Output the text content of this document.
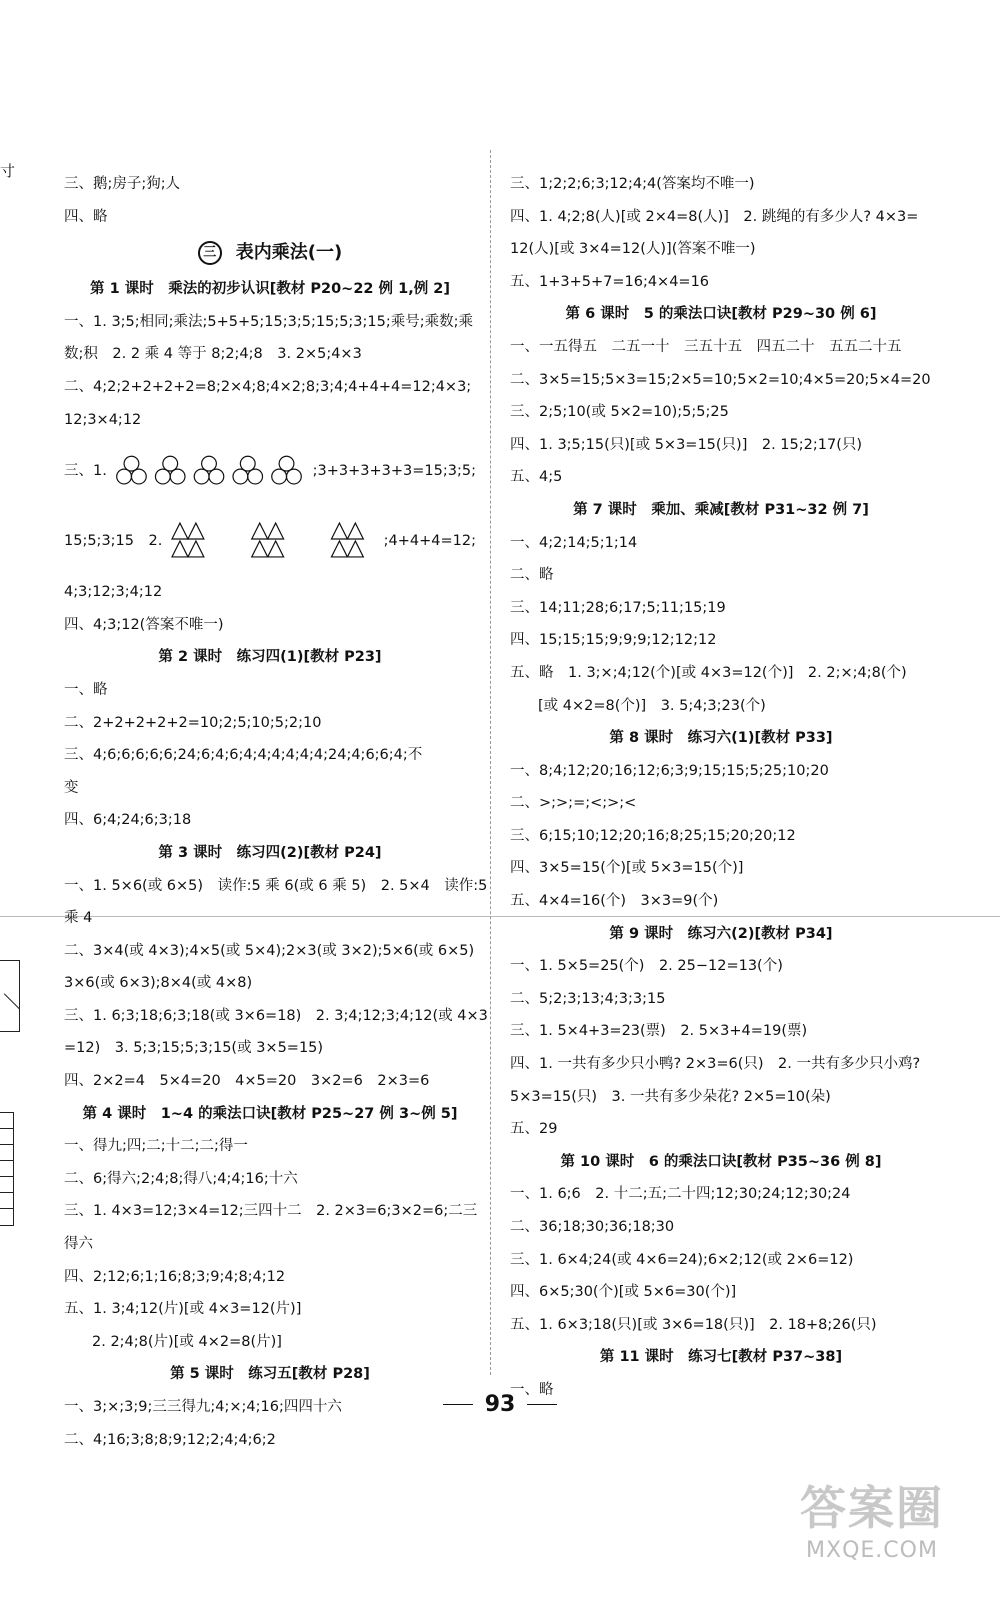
寸
三、鹅;房子;狗;人
四、略
三 表内乘法(一)
第 1 课时　乘法的初步认识[教材 P20~22 例 1,例 2]
一、1. 3;5;相同;乘法;5+5+5;15;3;5;15;5;3;15;乘号;乘数;乘
数;积　2. 2 乘 4 等于 8;2;4;8　3. 2×5;4×3
二、4;2;2+2+2+2=8;2×4;8;4×2;8;3;4;4+4+4=12;4×3;
12;3×4;12
三、1.	;3+3+3+3+3=15;3;5;
15;5;3;15　2.	;4+4+4=12;
4;3;12;3;4;12
四、4;3;12(答案不唯一)
第 2 课时　练习四(1)[教材 P23]
一、略
二、2+2+2+2+2=10;2;5;10;5;2;10
三、4;6;6;6;6;6;24;6;4;6;4;4;4;4;4;4;24;4;6;6;4;不
变
四、6;4;24;6;3;18
第 3 课时　练习四(2)[教材 P24]
一、1. 5×6(或 6×5)　读作:5 乘 6(或 6 乘 5)　2. 5×4　读作:5
乘 4
二、3×4(或 4×3);4×5(或 5×4);2×3(或 3×2);5×6(或 6×5)
3×6(或 6×3);8×4(或 4×8)
三、1. 6;3;18;6;3;18(或 3×6=18)　2. 3;4;12;3;4;12(或 4×3
=12)　3. 5;3;15;5;3;15(或 3×5=15)
四、2×2=4　5×4=20　4×5=20　3×2=6　2×3=6
第 4 课时　1~4 的乘法口诀[教材 P25~27 例 3~例 5]
一、得九;四;二;十二;二;得一
二、6;得六;2;4;8;得八;4;4;16;十六
三、1. 4×3=12;3×4=12;三四十二　2. 2×3=6;3×2=6;二三
得六
四、2;12;6;1;16;8;3;9;4;8;4;12
五、1. 3;4;12(片)[或 4×3=12(片)]
2. 2;4;8(片)[或 4×2=8(片)]
第 5 课时　练习五[教材 P28]
一、3;×;3;9;三三得九;4;×;4;16;四四十六
二、4;16;3;8;8;9;12;2;4;4;6;2
三、1;2;2;6;3;12;4;4(答案均不唯一)
四、1. 4;2;8(人)[或 2×4=8(人)]　2. 跳绳的有多少人? 4×3=
12(人)[或 3×4=12(人)](答案不唯一)
五、1+3+5+7=16;4×4=16
第 6 课时　5 的乘法口诀[教材 P29~30 例 6]
一、一五得五　二五一十　三五十五　四五二十　五五二十五
二、3×5=15;5×3=15;2×5=10;5×2=10;4×5=20;5×4=20
三、2;5;10(或 5×2=10);5;5;25
四、1. 3;5;15(只)[或 5×3=15(只)]　2. 15;2;17(只)
五、4;5
第 7 课时　乘加、乘减[教材 P31~32 例 7]
一、4;2;14;5;1;14
二、略
三、14;11;28;6;17;5;11;15;19
四、15;15;15;9;9;9;12;12;12
五、略　1. 3;×;4;12(个)[或 4×3=12(个)]　2. 2;×;4;8(个)
[或 4×2=8(个)]　3. 5;4;3;23(个)
第 8 课时　练习六(1)[教材 P33]
一、8;4;12;20;16;12;6;3;9;15;15;5;25;10;20
二、>;>;=;<;>;<
三、6;15;10;12;20;16;8;25;15;20;20;12
四、3×5=15(个)[或 5×3=15(个)]
五、4×4=16(个)　3×3=9(个)
第 9 课时　练习六(2)[教材 P34]
一、1. 5×5=25(个)　2. 25−12=13(个)
二、5;2;3;13;4;3;3;15
三、1. 5×4+3=23(票)　2. 5×3+4=19(票)
四、1. 一共有多少只小鸭? 2×3=6(只)　2. 一共有多少只小鸡?
5×3=15(只)　3. 一共有多少朵花? 2×5=10(朵)
五、29
第 10 课时　6 的乘法口诀[教材 P35~36 例 8]
一、1. 6;6　2. 十二;五;二十四;12;30;24;12;30;24
二、36;18;30;36;18;30
三、1. 6×4;24(或 4×6=24);6×2;12(或 2×6=12)
四、6×5;30(个)[或 5×6=30(个)]
五、1. 6×3;18(只)[或 3×6=18(只)]　2. 18+8;26(只)
第 11 课时　练习七[教材 P37~38]
一、略
93
答案圈
MXQE.COM
